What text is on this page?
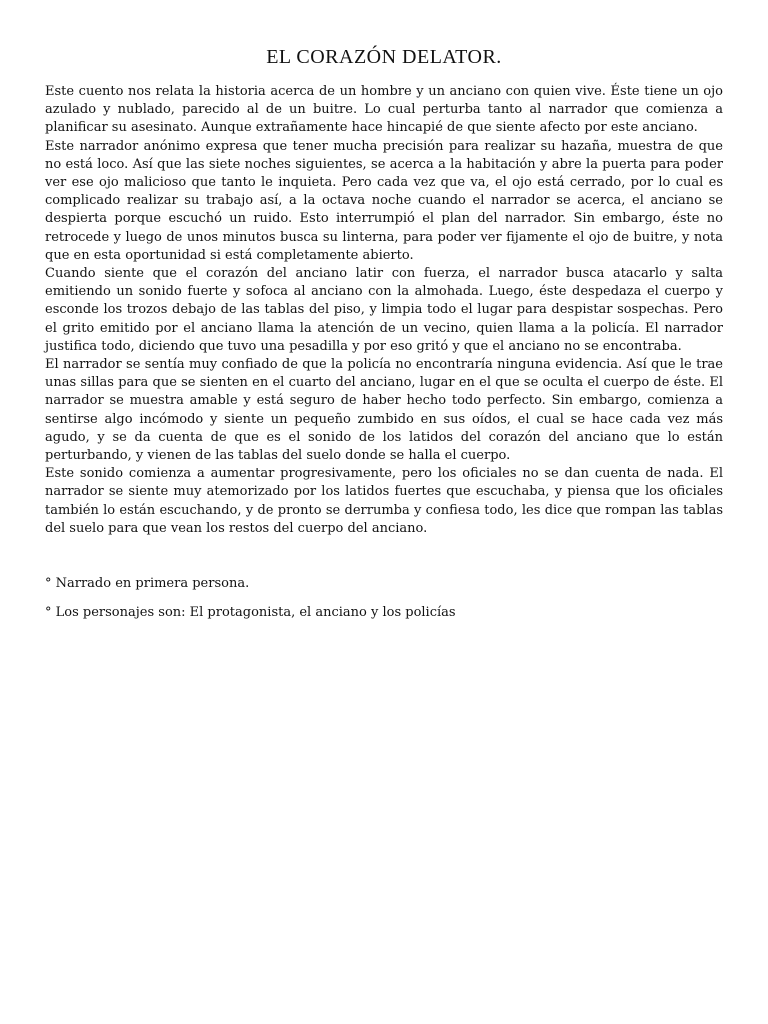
EL CORAZÓN DELATOR.

Este cuento nos relata la historia acerca de un hombre y un anciano con quien vive. Éste tiene un ojo azulado y nublado, parecido al de un buitre. Lo cual perturba tanto al narrador que comienza a planificar su asesinato. Aunque extrañamente hace hincapié de que siente afecto por este anciano.

Este narrador anónimo expresa que tener mucha precisión para realizar su hazaña, muestra de que no está loco. Así que las siete noches siguientes, se acerca a la habitación y abre la puerta para poder ver ese ojo malicioso que tanto le inquieta. Pero cada vez que va, el ojo está cerrado, por lo cual es complicado realizar su trabajo así, a la octava noche cuando el narrador se acerca, el anciano se despierta porque escuchó un ruido. Esto interrumpió el plan del narrador. Sin embargo, éste no retrocede y luego de unos minutos busca su linterna, para poder ver fijamente el ojo de buitre, y nota que en esta oportunidad si está completamente abierto.

Cuando siente que el corazón del anciano latir con fuerza, el narrador busca atacarlo y salta emitiendo un sonido fuerte y sofoca al anciano con la almohada. Luego, éste despedaza el cuerpo y esconde los trozos debajo de las tablas del piso, y limpia todo el lugar para despistar sospechas. Pero el grito emitido por el anciano llama la atención de un vecino, quien llama a la policía. El narrador justifica todo, diciendo que tuvo una pesadilla y por eso gritó y que el anciano no se encontraba.

El narrador se sentía muy confiado de que la policía no encontraría ninguna evidencia. Así que le trae unas sillas para que se sienten en el cuarto del anciano, lugar en el que se oculta el cuerpo de éste. El narrador se muestra amable y está seguro de haber hecho todo perfecto. Sin embargo, comienza a sentirse algo incómodo y siente un pequeño zumbido en sus oídos, el cual se hace cada vez más agudo, y se da cuenta de que es el sonido de los latidos del corazón del anciano que lo están perturbando, y vienen de las tablas del suelo donde se halla el cuerpo.

Este sonido comienza a aumentar progresivamente, pero los oficiales no se dan cuenta de nada. El narrador se siente muy atemorizado por los latidos fuertes que escuchaba, y piensa que los oficiales también lo están escuchando, y de pronto se derrumba y confiesa todo, les dice que rompan las tablas del suelo para que vean los restos del cuerpo del anciano.

° Narrado en primera persona.

° Los personajes son: El protagonista, el anciano y los policías
